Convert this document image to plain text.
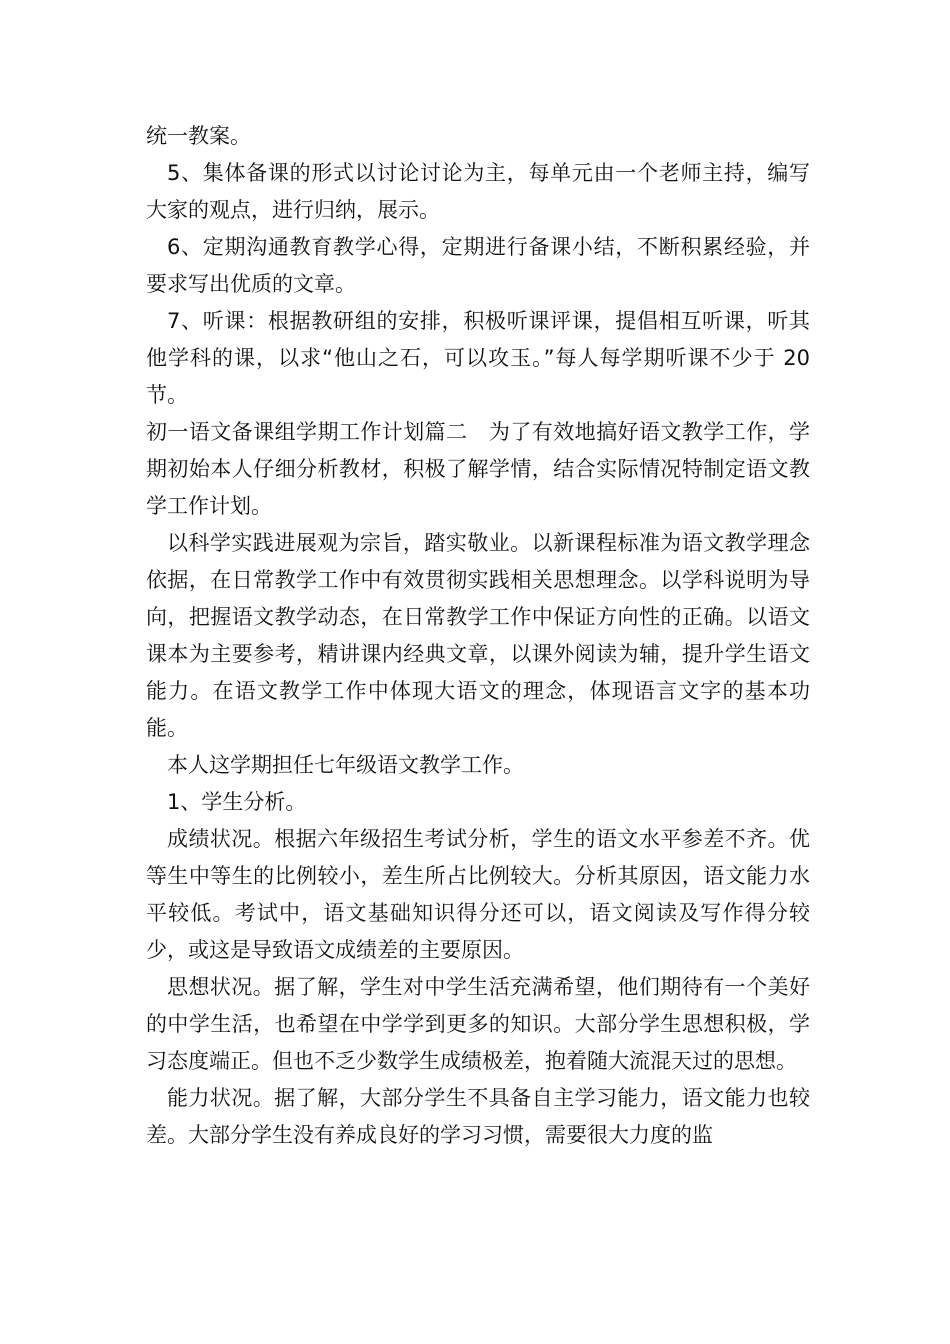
统一教案。

5、集体备课的形式以讨论讨论为主，每单元由一个老师主持，编写大家的观点，进行归纳，展示。

6、定期沟通教育教学心得，定期进行备课小结，不断积累经验，并要求写出优质的文章。

7、听课：根据教研组的安排，积极听课评课，提倡相互听课，听其他学科的课，以求“他山之石，可以攻玉。”每人每学期听课不少于 20 节。

初一语文备课组学期工作计划篇二　为了有效地搞好语文教学工作，学期初始本人仔细分析教材，积极了解学情，结合实际情况特制定语文教学工作计划。

以科学实践进展观为宗旨，踏实敬业。以新课程标准为语文教学理念依据，在日常教学工作中有效贯彻实践相关思想理念。以学科说明为导向，把握语文教学动态，在日常教学工作中保证方向性的正确。以语文课本为主要参考，精讲课内经典文章，以课外阅读为辅，提升学生语文能力。在语文教学工作中体现大语文的理念，体现语言文字的基本功能。

本人这学期担任七年级语文教学工作。

1、学生分析。

成绩状况。根据六年级招生考试分析，学生的语文水平参差不齐。优等生中等生的比例较小，差生所占比例较大。分析其原因，语文能力水平较低。考试中，语文基础知识得分还可以，语文阅读及写作得分较少，或这是导致语文成绩差的主要原因。

思想状况。据了解，学生对中学生活充满希望，他们期待有一个美好的中学生活，也希望在中学学到更多的知识。大部分学生思想积极，学习态度端正。但也不乏少数学生成绩极差，抱着随大流混天过的思想。

能力状况。据了解，大部分学生不具备自主学习能力，语文能力也较差。大部分学生没有养成良好的学习习惯，需要很大力度的监
